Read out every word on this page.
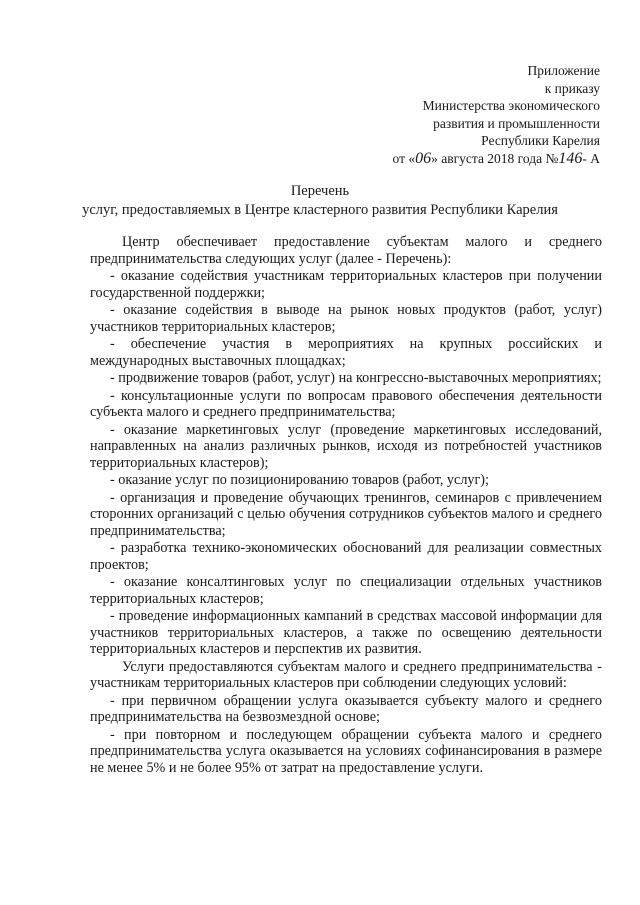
Приложение
к приказу
Министерства экономического
развития и промышленности
Республики Карелия
от «06» августа 2018 года №146- А
Перечень
услуг, предоставляемых в Центре кластерного развития Республики Карелия

Центр обеспечивает предоставление субъектам малого и среднего предпринимательства следующих услуг (далее - Перечень):

- оказание содействия участникам территориальных кластеров при получении государственной поддержки;

- оказание содействия в выводе на рынок новых продуктов (работ, услуг) участников территориальных кластеров;

- обеспечение участия в мероприятиях на крупных российских и международных выставочных площадках;

- продвижение товаров (работ, услуг) на конгрессно-выставочных мероприятиях;

- консультационные услуги по вопросам правового обеспечения деятельности субъекта малого и среднего предпринимательства;

- оказание маркетинговых услуг (проведение маркетинговых исследований, направленных на анализ различных рынков, исходя из потребностей участников территориальных кластеров);

- оказание услуг по позиционированию товаров (работ, услуг);

- организация и проведение обучающих тренингов, семинаров с привлечением сторонних организаций с целью обучения сотрудников субъектов малого и среднего предпринимательства;

- разработка технико-экономических обоснований для реализации совместных проектов;

- оказание консалтинговых услуг по специализации отдельных участников территориальных кластеров;

- проведение информационных кампаний в средствах массовой информации для участников территориальных кластеров, а также по освещению деятельности территориальных кластеров и перспектив их развития.

Услуги предоставляются субъектам малого и среднего предпринимательства - участникам территориальных кластеров при соблюдении следующих условий:

- при первичном обращении услуга оказывается субъекту малого и среднего предпринимательства на безвозмездной основе;

- при повторном и последующем обращении субъекта малого и среднего предпринимательства услуга оказывается на условиях софинансирования в размере не менее 5% и не более 95% от затрат на предоставление услуги.
